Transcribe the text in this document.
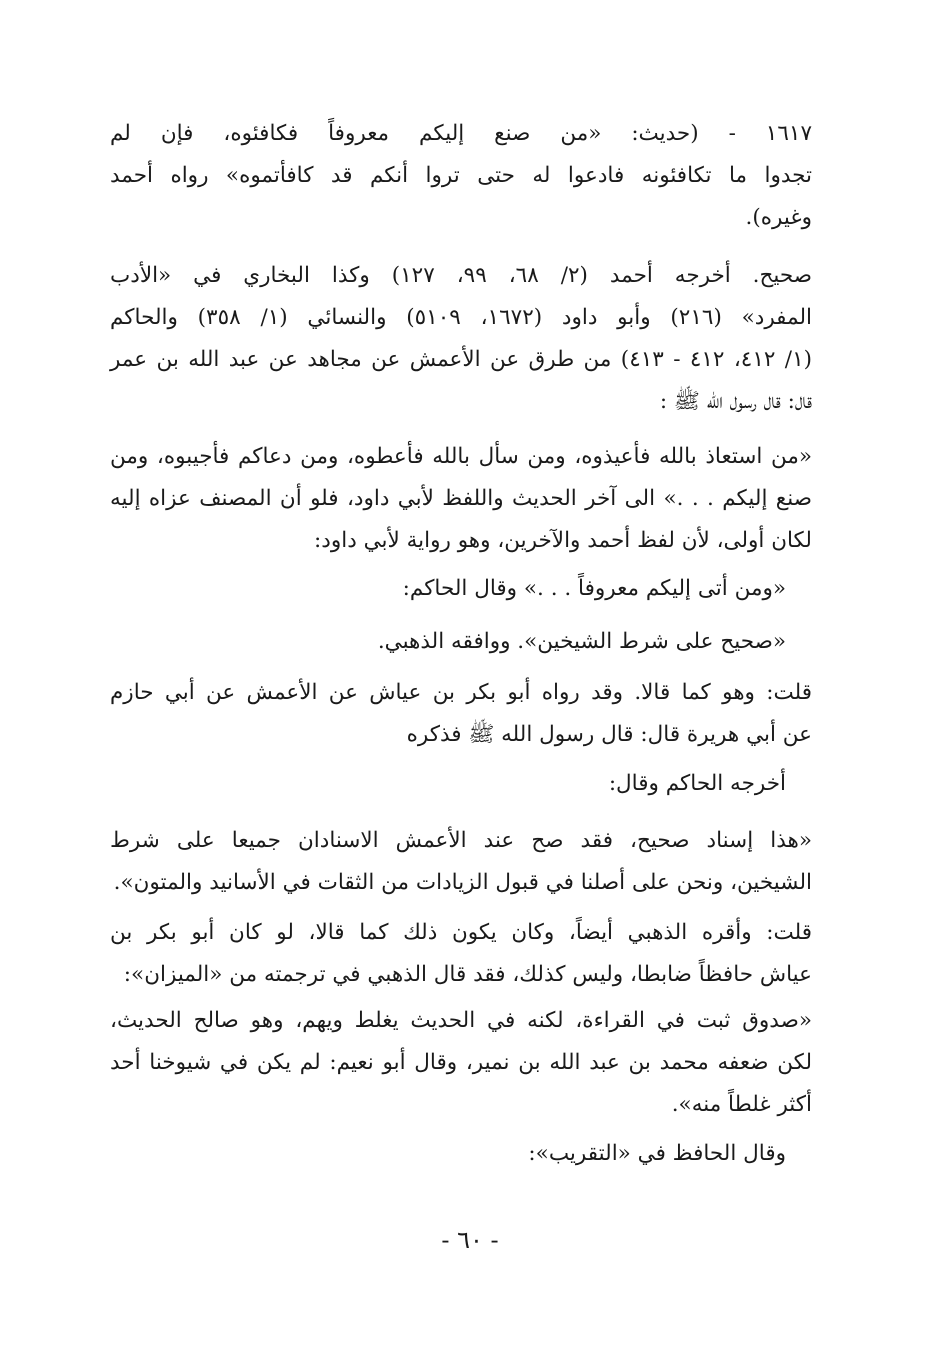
١٦١٧ - (حديث: «من صنع إليكم معروفاً فكافئوه، فإن لم
تجدوا ما تكافئونه فادعوا له حتى تروا أنكم قد كافأتموه» رواه أحمد
وغيره).
صحيح. أخرجه أحمد (٢/ ٦٨، ٩٩، ١٢٧) وكذا البخاري في «الأدب
المفرد» (٢١٦) وأبو داود (١٦٧٢، ٥١٠٩) والنسائي (١/ ٣٥٨) والحاكم
(١/ ٤١٢، ٤١٢ - ٤١٣) من طرق عن الأعمش عن مجاهد عن عبد الله بن عمر
قال: قال رسول الله ﷺ :
«من استعاذ بالله فأعيذوه، ومن سأل بالله فأعطوه، ومن دعاكم فأجيبوه، ومن
صنع إليكم . . .» الى آخر الحديث واللفظ لأبي داود، فلو أن المصنف عزاه إليه
لكان أولى، لأن لفظ أحمد والآخرين، وهو رواية لأبي داود:
«ومن أتى إليكم معروفاً . . .» وقال الحاكم:
«صحيح على شرط الشيخين». ووافقه الذهبي.
قلت: وهو كما قالا. وقد رواه أبو بكر بن عياش عن الأعمش عن أبي حازم
عن أبي هريرة قال: قال رسول الله ﷺ فذكره
أخرجه الحاكم وقال:
«هذا إسناد صحيح، فقد صح عند الأعمش الاسنادان جميعا على شرط
الشيخين، ونحن على أصلنا في قبول الزيادات من الثقات في الأسانيد والمتون».
قلت: وأقره الذهبي أيضاً، وكان يكون ذلك كما قالا، لو كان أبو بكر بن
عياش حافظاً ضابطا، وليس كذلك، فقد قال الذهبي في ترجمته من «الميزان»:
«صدوق ثبت في القراءة، لكنه في الحديث يغلط ويهم، وهو صالح الحديث،
لكن ضعفه محمد بن عبد الله بن نمير، وقال أبو نعيم: لم يكن في شيوخنا أحد
أكثر غلطاً منه».
وقال الحافظ في «التقريب»:
- ٦٠ -
